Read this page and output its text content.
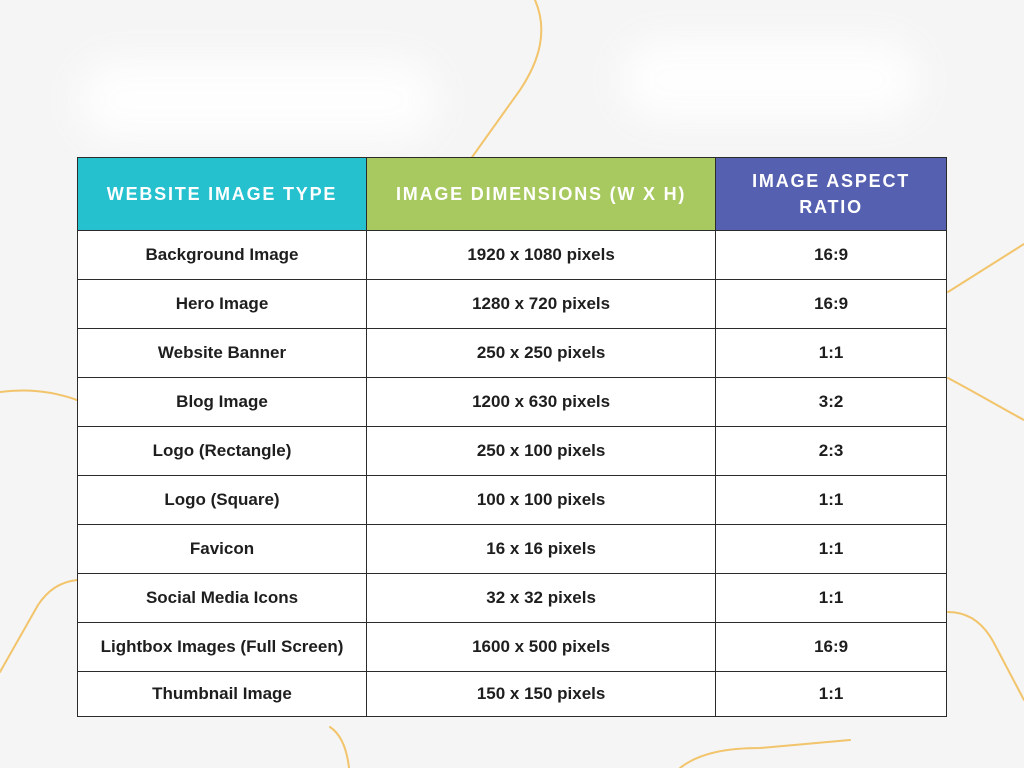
WEBSITE IMAGE TYPE	IMAGE DIMENSIONS (W X H)	IMAGE ASPECT RATIO
Background Image	1920 x 1080 pixels	16:9
Hero Image	1280 x 720 pixels	16:9
Website Banner	250 x 250 pixels	1:1
Blog Image	1200 x 630 pixels	3:2
Logo (Rectangle)	250 x 100 pixels	2:3
Logo (Square)	100 x 100 pixels	1:1
Favicon	16 x 16 pixels	1:1
Social Media Icons	32 x 32 pixels	1:1
Lightbox Images (Full Screen)	1600 x 500 pixels	16:9
Thumbnail Image	150 x 150 pixels	1:1
